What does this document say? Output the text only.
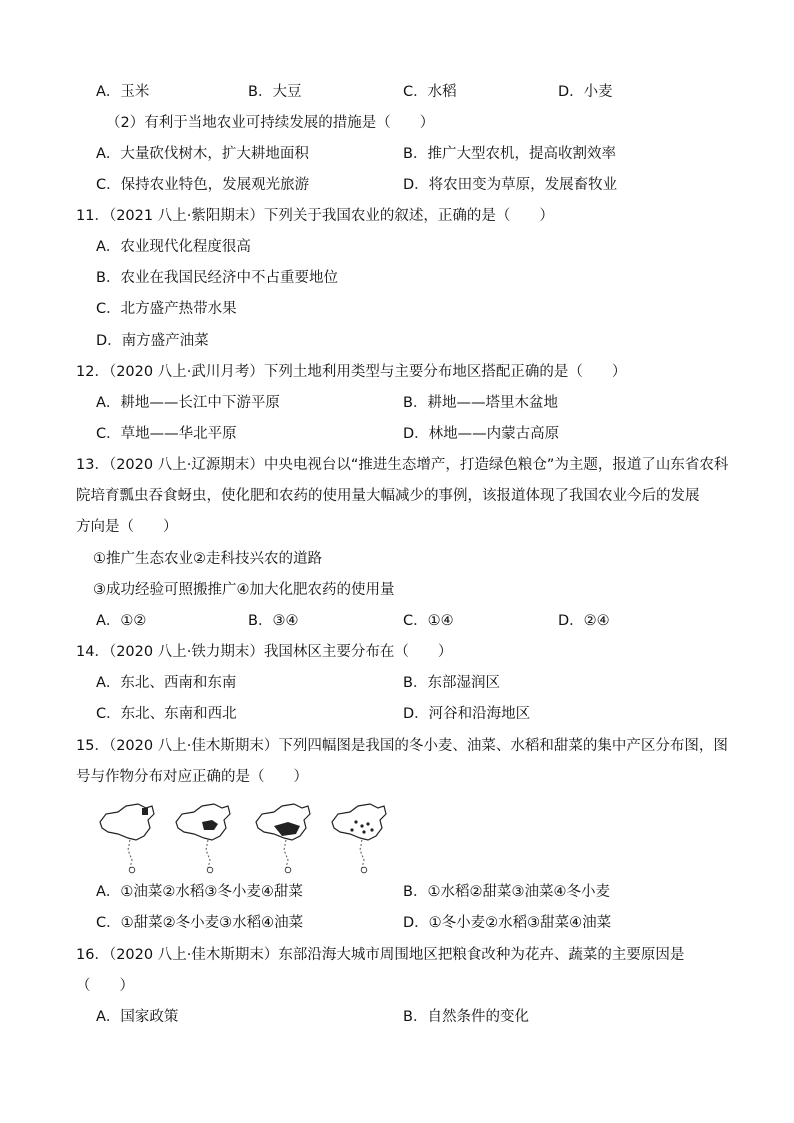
A．玉米	B．大豆	C．水稻	D．小麦
（2）有利于当地农业可持续发展的措施是（　　）
A．大量砍伐树木，扩大耕地面积	B．推广大型农机，提高收割效率
C．保持农业特色，发展观光旅游	D．将农田变为草原，发展畜牧业
11．（2021 八上·紫阳期末）下列关于我国农业的叙述，正确的是（　　）
A．农业现代化程度很高
B．农业在我国民经济中不占重要地位
C．北方盛产热带水果
D．南方盛产油菜
12．（2020 八上·武川月考）下列土地利用类型与主要分布地区搭配正确的是（　　）
A．耕地——长江中下游平原	B．耕地——塔里木盆地
C．草地——华北平原	D．林地——内蒙古高原
13．（2020 八上·辽源期末）中央电视台以“推进生态增产，打造绿色粮仓”为主题，报道了山东省农科
院培育瓢虫吞食蚜虫，使化肥和农药的使用量大幅减少的事例，该报道体现了我国农业今后的发展
方向是（　　）
①推广生态农业②走科技兴农的道路
③成功经验可照搬推广④加大化肥农药的使用量
A．①②	B．③④	C．①④	D．②④
14．（2020 八上·铁力期末）我国林区主要分布在（　　）
A．东北、西南和东南	B．东部湿润区
C．东北、东南和西北	D．河谷和沿海地区
15．（2020 八上·佳木斯期末）下列四幅图是我国的冬小麦、油菜、水稻和甜菜的集中产区分布图，图
号与作物分布对应正确的是（　　）
A．①油菜②水稻③冬小麦④甜菜	B．①水稻②甜菜③油菜④冬小麦
C．①甜菜②冬小麦③水稻④油菜	D．①冬小麦②水稻③甜菜④油菜
16．（2020 八上·佳木斯期末）东部沿海大城市周围地区把粮食改种为花卉、蔬菜的主要原因是
（　　）
A．国家政策	B．自然条件的变化
